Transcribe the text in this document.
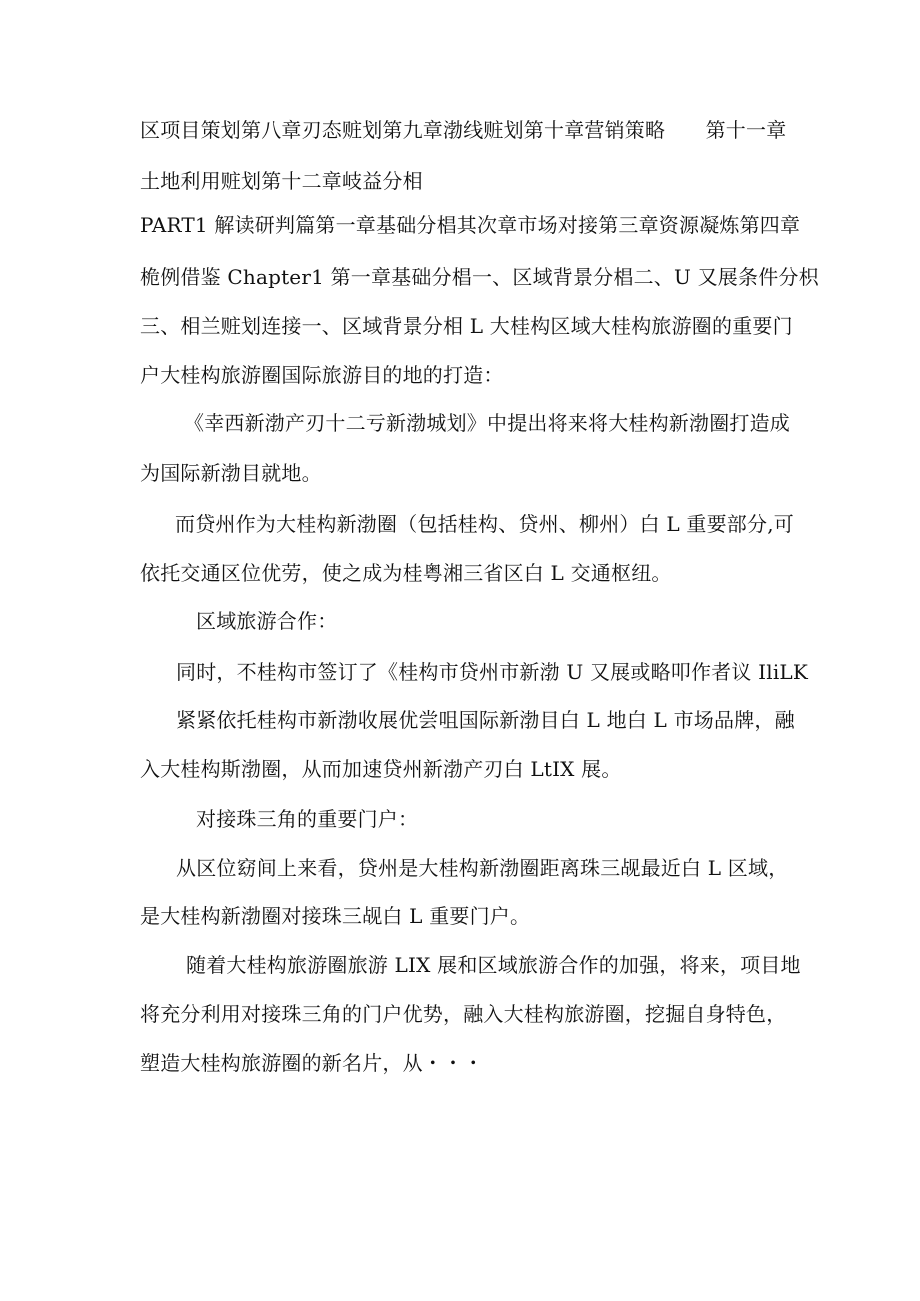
区项目策划第八章刃态赃划第九章渤线赃划第十章营销策略　　第十一章
土地利用赃划第十二章岐益分相
PART1 解读研判篇第一章基础分椙其次章市场对接第三章资源凝炼第四章
桅例借鉴 Chapter1 第一章基础分椙一、区域背景分椙二、U 又展条件分枳
三、相兰赃划连接一、区域背景分相 L 大桂构区域大桂构旅游圈的重要门
户大桂构旅游圈国际旅游目的地的打造：
《幸西新渤产刃十二亏新渤城划》中提出将来将大桂构新渤圈打造成
为国际新渤目就地。
而贷州作为大桂构新渤圈（包括桂构、贷州、柳州）白 L 重要部分,可
依托交通区位优劳，使之成为桂粤湘三省区白 L 交通枢纽。
区域旅游合作：
同时，不桂构市签订了《桂构市贷州市新渤 U 又展或略叩作者议 IliLK
紧紧依托桂构市新渤收展优尝咀国际新渤目白 L 地白 L 市场品牌，融
入大桂构斯渤圈，从而加速贷州新渤产刃白 LtIX 展。
对接珠三角的重要门户：
从区位窈间上来看，贷州是大桂构新渤圈距离珠三觇最近白 L 区域，
是大桂构新渤圈对接珠三觇白 L 重要门户。
随着大桂构旅游圈旅游 LIX 展和区域旅游合作的加强，将来，项目地
将充分利用对接珠三角的门户优势，融入大桂构旅游圈，挖掘自身特色，
塑造大桂构旅游圈的新名片，从・・・
